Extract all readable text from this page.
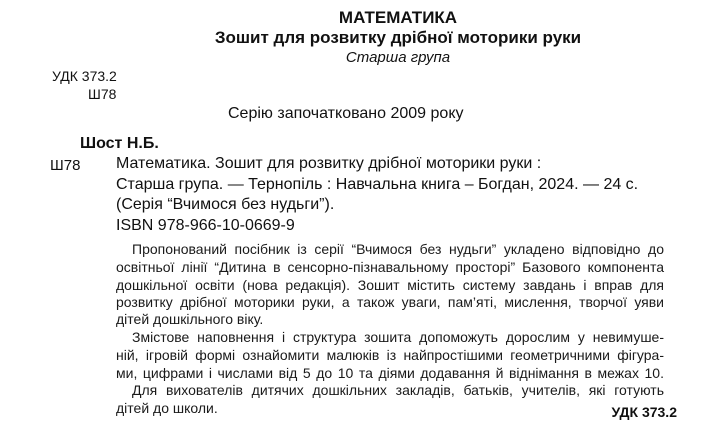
МАТЕМАТИКА
Зошит для розвитку дрібної моторики руки
Старша група
УДК 373.2
Ш78
Серію започатковано 2009 року
Шост Н.Б.
Ш78 Математика. Зошит для розвитку дрібної моторики руки :
Старша група. — Тернопіль : Навчальна книга – Богдан, 2024. — 24 с.
(Серія “Вчимося без нудьги”).
ISBN 978-966-10-0669-9
Пропонований посібник із серії “Вчимося без нудьги” укладено відповідно до
освітньої лінії “Дитина в сенсорно-пізнавальному просторі” Базового компонента
дошкільної освіти (нова редакція). Зошит містить систему завдань і вправ для
розвитку дрібної моторики руки, а також уваги, пам’яті, мислення, творчої уяви
дітей дошкільного віку.
Змістове наповнення і структура зошита допоможуть дорослим у невимуше-
ній, ігровій формі ознайомити малюків із найпростішими геометричними фігура-
ми, цифрами і числами від 5 до 10 та діями додавання й віднімання в межах 10.
Для вихователів дитячих дошкільних закладів, батьків, учителів, які готують
дітей до школи.	УДК 373.2
